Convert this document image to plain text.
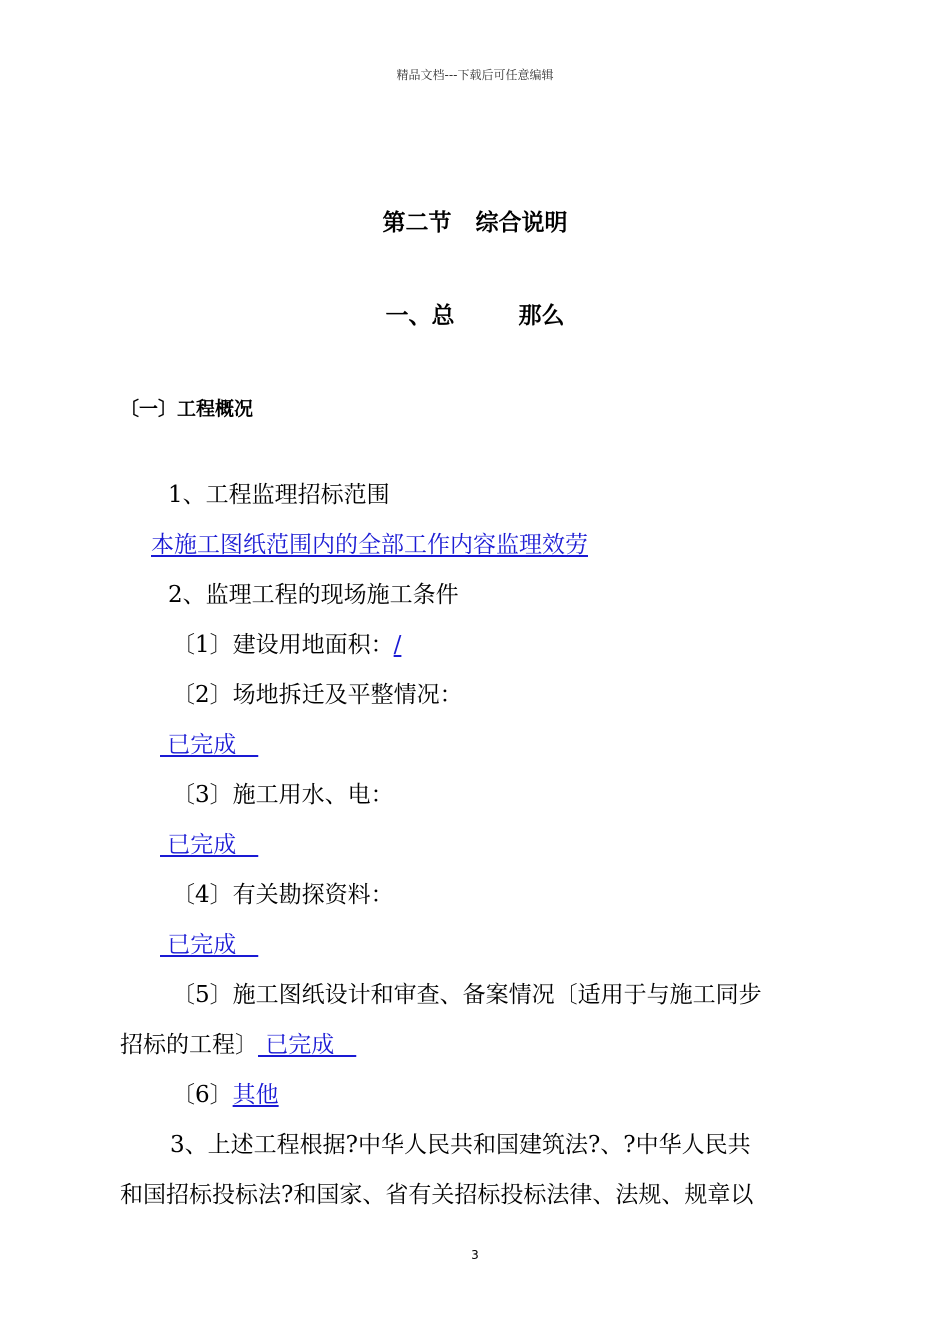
精品文档---下载后可任意编辑
第二节 综合说明
一、总	那么
〔一〕工程概况
1、工程监理招标范围
本施工图纸范围内的全部工作内容监理效劳
2、监理工程的现场施工条件
〔1〕建设用地面积：/
〔2〕场地拆迁及平整情况：
已完成
〔3〕施工用水、电：
已完成
〔4〕有关勘探资料：
已完成
〔5〕施工图纸设计和审查、备案情况〔适用于与施工同步
招标的工程〕 已完成
〔6〕其他
3、上述工程根据?中华人民共和国建筑法?、?中华人民共
和国招标投标法?和国家、省有关招标投标法律、法规、规章以
3
